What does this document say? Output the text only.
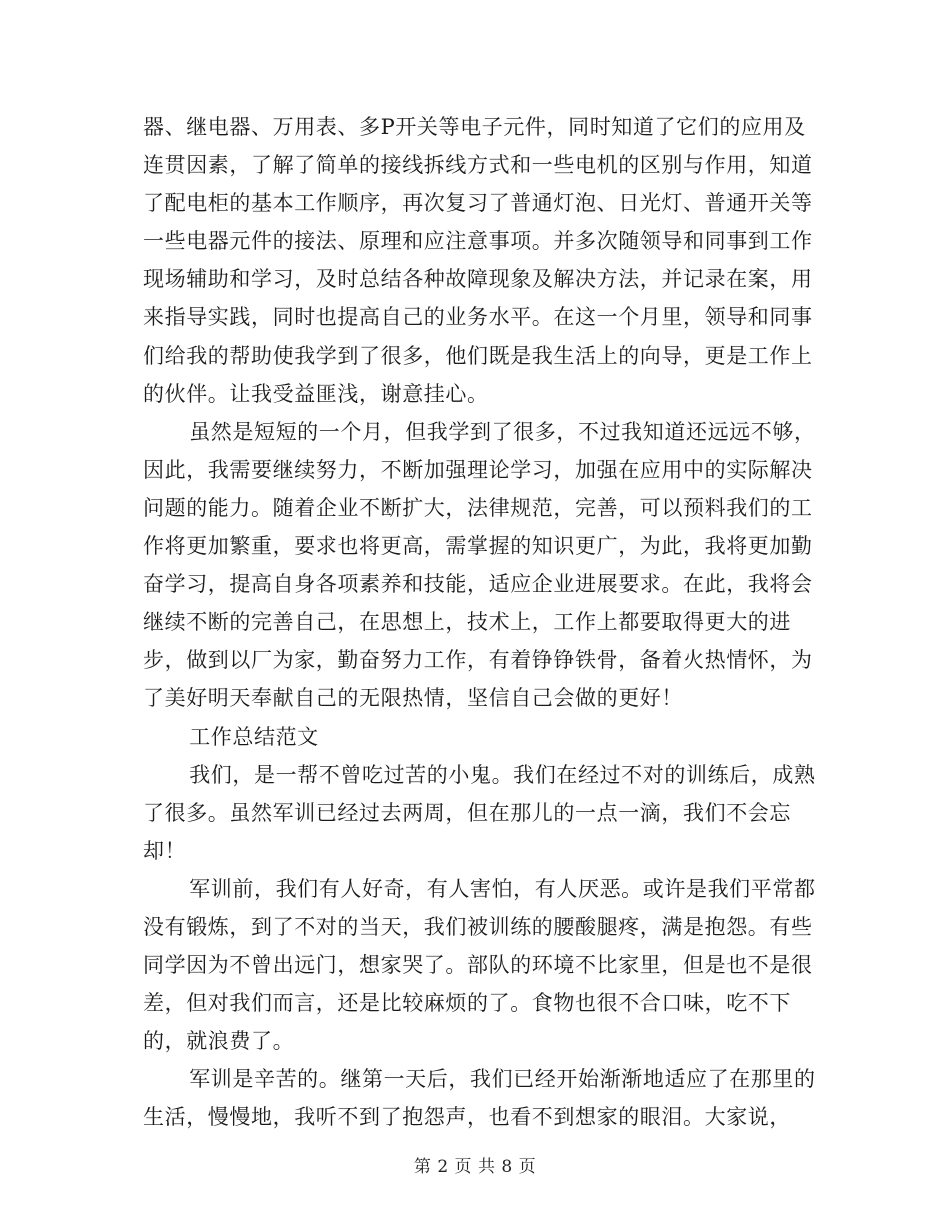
器、继电器、万用表、多P开关等电子元件，同时知道了它们的应用及连贯因素，了解了简单的接线拆线方式和一些电机的区别与作用，知道了配电柜的基本工作顺序，再次复习了普通灯泡、日光灯、普通开关等一些电器元件的接法、原理和应注意事项。并多次随领导和同事到工作现场辅助和学习，及时总结各种故障现象及解决方法，并记录在案，用来指导实践，同时也提高自己的业务水平。在这一个月里，领导和同事们给我的帮助使我学到了很多，他们既是我生活上的向导，更是工作上的伙伴。让我受益匪浅，谢意挂心。

虽然是短短的一个月，但我学到了很多，不过我知道还远远不够，因此，我需要继续努力，不断加强理论学习，加强在应用中的实际解决问题的能力。随着企业不断扩大，法律规范，完善，可以预料我们的工作将更加繁重，要求也将更高，需掌握的知识更广，为此，我将更加勤奋学习，提高自身各项素养和技能，适应企业进展要求。在此，我将会继续不断的完善自己，在思想上，技术上，工作上都要取得更大的进步，做到以厂为家，勤奋努力工作，有着铮铮铁骨，备着火热情怀，为了美好明天奉献自己的无限热情，坚信自己会做的更好！

工作总结范文

我们，是一帮不曾吃过苦的小鬼。我们在经过不对的训练后，成熟了很多。虽然军训已经过去两周，但在那儿的一点一滴，我们不会忘却！

军训前，我们有人好奇，有人害怕，有人厌恶。或许是我们平常都没有锻炼，到了不对的当天，我们被训练的腰酸腿疼，满是抱怨。有些同学因为不曾出远门，想家哭了。部队的环境不比家里，但是也不是很差，但对我们而言，还是比较麻烦的了。食物也很不合口味，吃不下的，就浪费了。

军训是辛苦的。继第一天后，我们已经开始渐渐地适应了在那里的生活，慢慢地，我听不到了抱怨声，也看不到想家的眼泪。大家说，

第 2 页 共 8 页
